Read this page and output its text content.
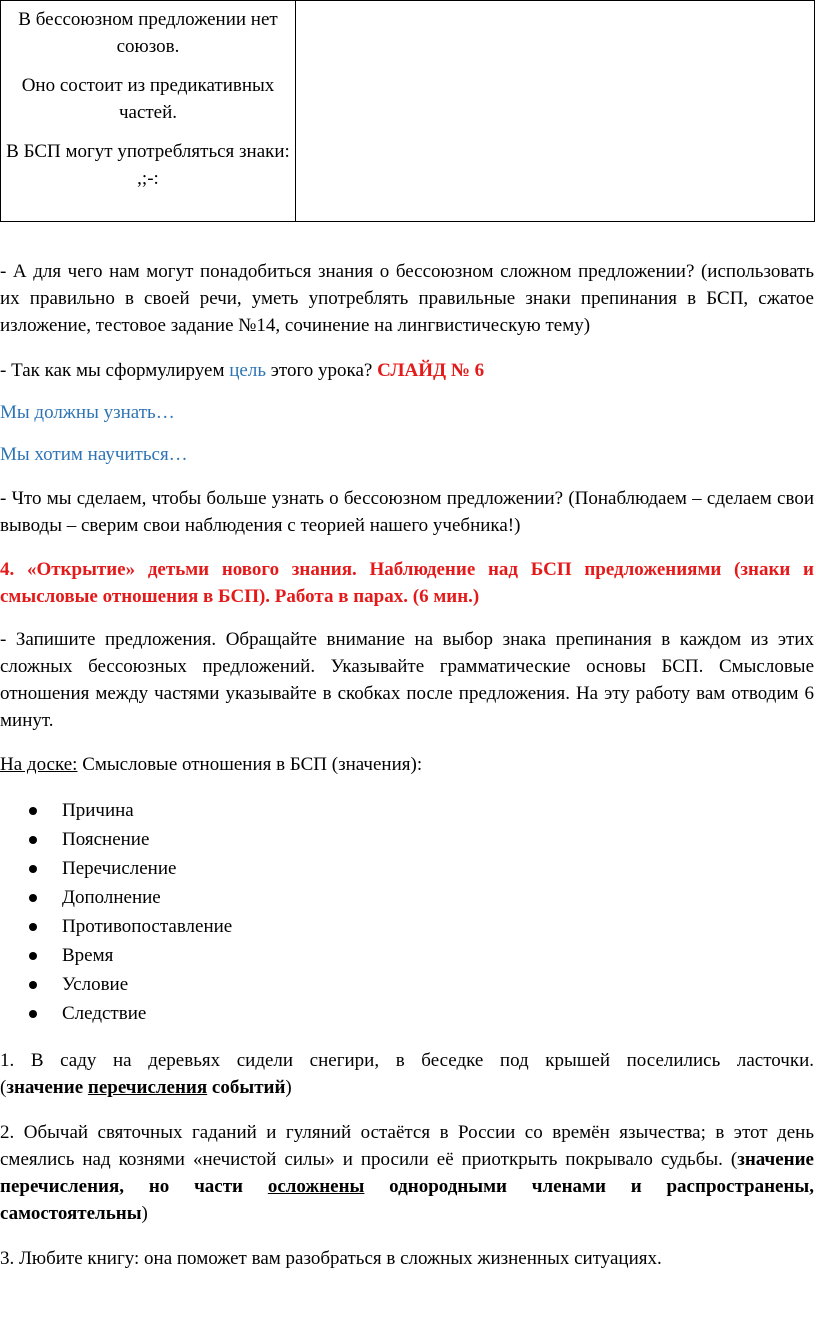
В бессоюзном предложении нет союзов.

Оно состоит из предикативных частей.

В БСП могут употребляться знаки: ,;-:

- А для чего нам могут понадобиться знания о бессоюзном сложном предложении? (использовать их правильно в своей речи, уметь употреблять правильные знаки препинания в БСП, сжатое изложение, тестовое задание №14, сочинение на лингвистическую тему)

- Так как мы сформулируем цель этого урока? СЛАЙД № 6

Мы должны узнать…

Мы хотим научиться…

- Что мы сделаем, чтобы больше узнать о бессоюзном предложении? (Понаблюдаем – сделаем свои выводы – сверим свои наблюдения с теорией нашего учебника!)

4. «Открытие» детьми нового знания. Наблюдение над БСП предложениями (знаки и смысловые отношения в БСП). Работа в парах. (6 мин.)

- Запишите предложения. Обращайте внимание на выбор знака препинания в каждом из этих сложных бессоюзных предложений. Указывайте грамматические основы БСП. Смысловые отношения между частями указывайте в скобках после предложения. На эту работу вам отводим 6 минут.

На доске: Смысловые отношения в БСП (значения):

Причина
Пояснение
Перечисление
Дополнение
Противопоставление
Время
Условие
Следствие

1. В саду на деревьях сидели снегири, в беседке под крышей поселились ласточки.
(значение перечисления событий)

2. Обычай святочных гаданий и гуляний остаётся в России со времён язычества; в этот день смеялись над кознями «нечистой силы» и просили её приоткрыть покрывало судьбы. (значение перечисления, но части осложнены однородными членами и распространены, самостоятельны)

3. Любите книгу: она поможет вам разобраться в сложных жизненных ситуациях.
